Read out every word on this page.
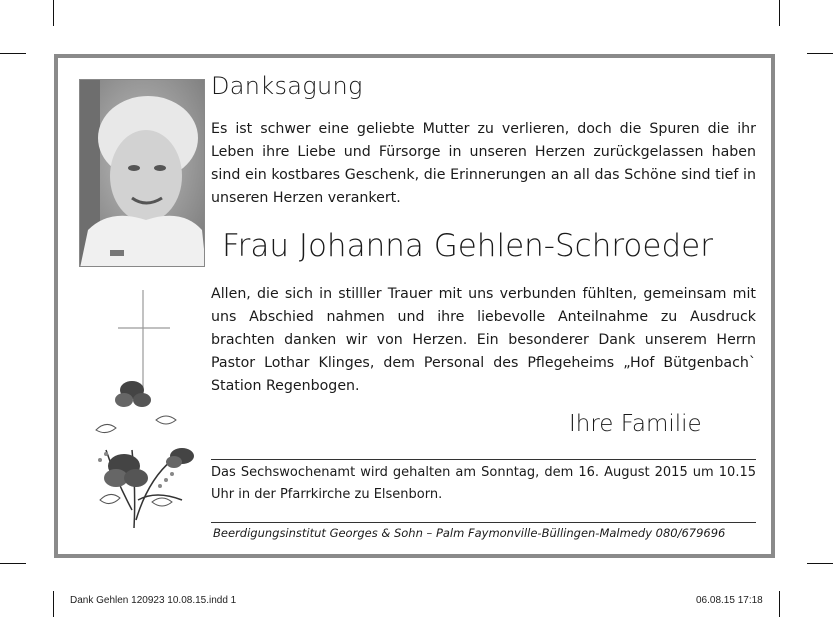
Danksagung
Es ist schwer eine geliebte Mutter zu verlieren, doch die Spuren die ihr Leben ihre Liebe und Fürsorge in unseren Herzen zurückgelassen haben sind ein kostbares Geschenk, die Erinnerungen an all das Schöne sind tief in unseren Herzen verankert.
Frau Johanna Gehlen-Schroeder
Allen, die sich in stilller Trauer mit uns verbunden fühlten, gemeinsam mit uns Abschied nahmen und ihre liebevolle Anteilnahme zu Ausdruck brachten danken wir von Herzen. Ein besonderer Dank unserem Herrn Pastor Lothar Klinges, dem Personal des Pflegeheims „Hof Bütgenbach` Station Regenbogen.
Ihre Familie
Das Sechswochenamt wird gehalten am Sonntag, dem 16. August 2015 um 10.15 Uhr in der Pfarrkirche zu Elsenborn.
Beerdigungsinstitut Georges & Sohn – Palm Faymonville-Büllingen-Malmedy 080/679696
Dank Gehlen 120923 10.08.15.indd 1	06.08.15 17:18
